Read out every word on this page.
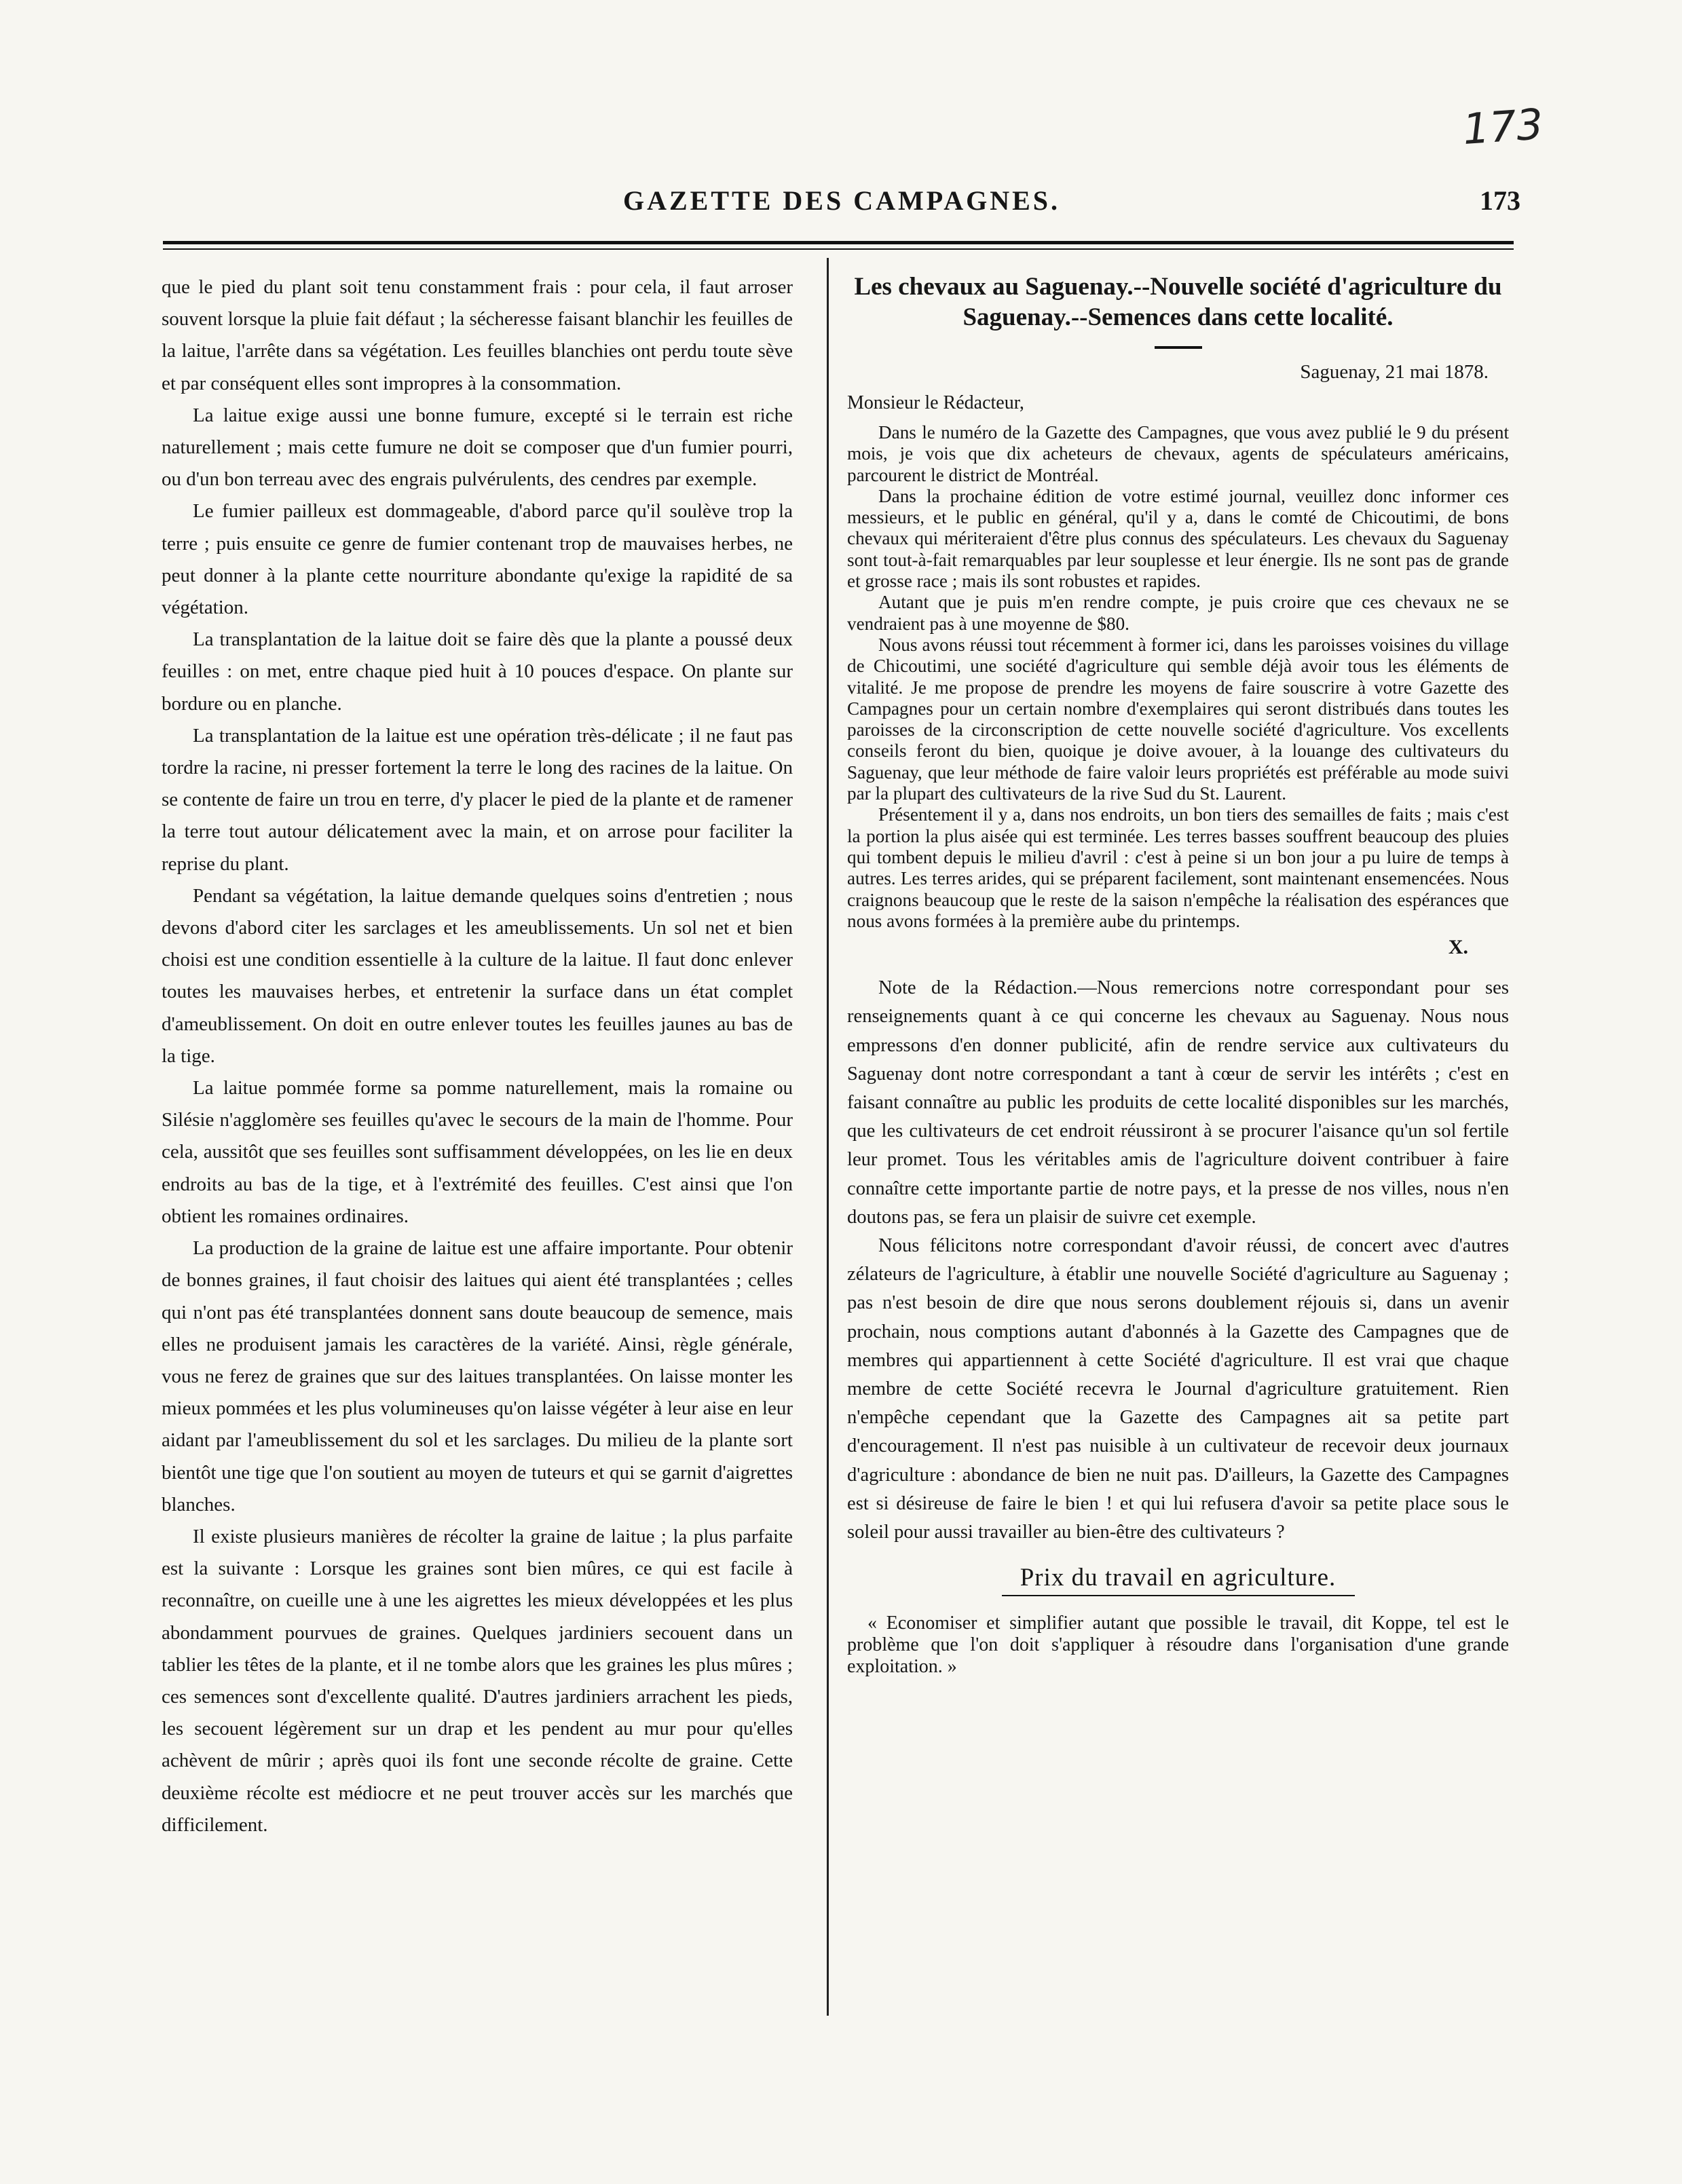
173
GAZETTE DES CAMPAGNES.	173

que le pied du plant soit tenu constamment frais : pour cela, il faut arroser souvent lorsque la pluie fait défaut ; la sécheresse faisant blanchir les feuilles de la laitue, l'arrête dans sa végétation. Les feuilles blanchies ont perdu toute sève et par conséquent elles sont impropres à la consommation.

La laitue exige aussi une bonne fumure, excepté si le terrain est riche naturellement ; mais cette fumure ne doit se composer que d'un fumier pourri, ou d'un bon terreau avec des engrais pulvérulents, des cendres par exemple.

Le fumier pailleux est dommageable, d'abord parce qu'il soulève trop la terre ; puis ensuite ce genre de fumier contenant trop de mauvaises herbes, ne peut donner à la plante cette nourriture abondante qu'exige la rapidité de sa végétation.

La transplantation de la laitue doit se faire dès que la plante a poussé deux feuilles : on met, entre chaque pied huit à 10 pouces d'espace. On plante sur bordure ou en planche.

La transplantation de la laitue est une opération très-délicate ; il ne faut pas tordre la racine, ni presser fortement la terre le long des racines de la laitue. On se contente de faire un trou en terre, d'y placer le pied de la plante et de ramener la terre tout autour délicatement avec la main, et on arrose pour faciliter la reprise du plant.

Pendant sa végétation, la laitue demande quelques soins d'entretien ; nous devons d'abord citer les sarclages et les ameublissements. Un sol net et bien choisi est une condition essentielle à la culture de la laitue. Il faut donc enlever toutes les mauvaises herbes, et entretenir la surface dans un état complet d'ameublissement. On doit en outre enlever toutes les feuilles jaunes au bas de la tige.

La laitue pommée forme sa pomme naturellement, mais la romaine ou Silésie n'agglomère ses feuilles qu'avec le secours de la main de l'homme. Pour cela, aussitôt que ses feuilles sont suffisamment développées, on les lie en deux endroits au bas de la tige, et à l'extrémité des feuilles. C'est ainsi que l'on obtient les romaines ordinaires.

La production de la graine de laitue est une affaire importante. Pour obtenir de bonnes graines, il faut choisir des laitues qui aient été transplantées ; celles qui n'ont pas été transplantées donnent sans doute beaucoup de semence, mais elles ne produisent jamais les caractères de la variété. Ainsi, règle générale, vous ne ferez de graines que sur des laitues transplantées. On laisse monter les mieux pommées et les plus volumineuses qu'on laisse végéter à leur aise en leur aidant par l'ameublissement du sol et les sarclages. Du milieu de la plante sort bientôt une tige que l'on soutient au moyen de tuteurs et qui se garnit d'aigrettes blanches.

Il existe plusieurs manières de récolter la graine de laitue ; la plus parfaite est la suivante : Lorsque les graines sont bien mûres, ce qui est facile à reconnaître, on cueille une à une les aigrettes les mieux développées et les plus abondamment pourvues de graines. Quelques jardiniers secouent dans un tablier les têtes de la plante, et il ne tombe alors que les graines les plus mûres ; ces semences sont d'excellente qualité. D'autres jardiniers arrachent les pieds, les secouent légèrement sur un drap et les pendent au mur pour qu'elles achèvent de mûrir ; après quoi ils font une seconde récolte de graine. Cette deuxième récolte est médiocre et ne peut trouver accès sur les marchés que difficilement.

Les chevaux au Saguenay.--Nouvelle société d'agriculture du Saguenay.--Semences dans cette localité.
Saguenay, 21 mai 1878.
Monsieur le Rédacteur,

Dans le numéro de la Gazette des Campagnes, que vous avez publié le 9 du présent mois, je vois que dix acheteurs de chevaux, agents de spéculateurs américains, parcourent le district de Montréal.

Dans la prochaine édition de votre estimé journal, veuillez donc informer ces messieurs, et le public en général, qu'il y a, dans le comté de Chicoutimi, de bons chevaux qui mériteraient d'être plus connus des spéculateurs. Les chevaux du Saguenay sont tout-à-fait remarquables par leur souplesse et leur énergie. Ils ne sont pas de grande et grosse race ; mais ils sont robustes et rapides.

Autant que je puis m'en rendre compte, je puis croire que ces chevaux ne se vendraient pas à une moyenne de $80.

Nous avons réussi tout récemment à former ici, dans les paroisses voisines du village de Chicoutimi, une société d'agriculture qui semble déjà avoir tous les éléments de vitalité. Je me propose de prendre les moyens de faire souscrire à votre Gazette des Campagnes pour un certain nombre d'exemplaires qui seront distribués dans toutes les paroisses de la circonscription de cette nouvelle société d'agriculture. Vos excellents conseils feront du bien, quoique je doive avouer, à la louange des cultivateurs du Saguenay, que leur méthode de faire valoir leurs propriétés est préférable au mode suivi par la plupart des cultivateurs de la rive Sud du St. Laurent.

Présentement il y a, dans nos endroits, un bon tiers des semailles de faits ; mais c'est la portion la plus aisée qui est terminée. Les terres basses souffrent beaucoup des pluies qui tombent depuis le milieu d'avril : c'est à peine si un bon jour a pu luire de temps à autres. Les terres arides, qui se préparent facilement, sont maintenant ensemencées. Nous craignons beaucoup que le reste de la saison n'empêche la réalisation des espérances que nous avons formées à la première aube du printemps.

X.

Note de la Rédaction.—Nous remercions notre correspondant pour ses renseignements quant à ce qui concerne les chevaux au Saguenay. Nous nous empressons d'en donner publicité, afin de rendre service aux cultivateurs du Saguenay dont notre correspondant a tant à cœur de servir les intérêts ; c'est en faisant connaître au public les produits de cette localité disponibles sur les marchés, que les cultivateurs de cet endroit réussiront à se procurer l'aisance qu'un sol fertile leur promet. Tous les véritables amis de l'agriculture doivent contribuer à faire connaître cette importante partie de notre pays, et la presse de nos villes, nous n'en doutons pas, se fera un plaisir de suivre cet exemple.

Nous félicitons notre correspondant d'avoir réussi, de concert avec d'autres zélateurs de l'agriculture, à établir une nouvelle Société d'agriculture au Saguenay ; pas n'est besoin de dire que nous serons doublement réjouis si, dans un avenir prochain, nous comptions autant d'abonnés à la Gazette des Campagnes que de membres qui appartiennent à cette Société d'agriculture. Il est vrai que chaque membre de cette Société recevra le Journal d'agriculture gratuitement. Rien n'empêche cependant que la Gazette des Campagnes ait sa petite part d'encouragement. Il n'est pas nuisible à un cultivateur de recevoir deux journaux d'agriculture : abondance de bien ne nuit pas. D'ailleurs, la Gazette des Campagnes est si désireuse de faire le bien ! et qui lui refusera d'avoir sa petite place sous le soleil pour aussi travailler au bien-être des cultivateurs ?

Prix du travail en agriculture.

« Economiser et simplifier autant que possible le travail, dit Koppe, tel est le problème que l'on doit s'appliquer à résoudre dans l'organisation d'une grande exploitation. »
